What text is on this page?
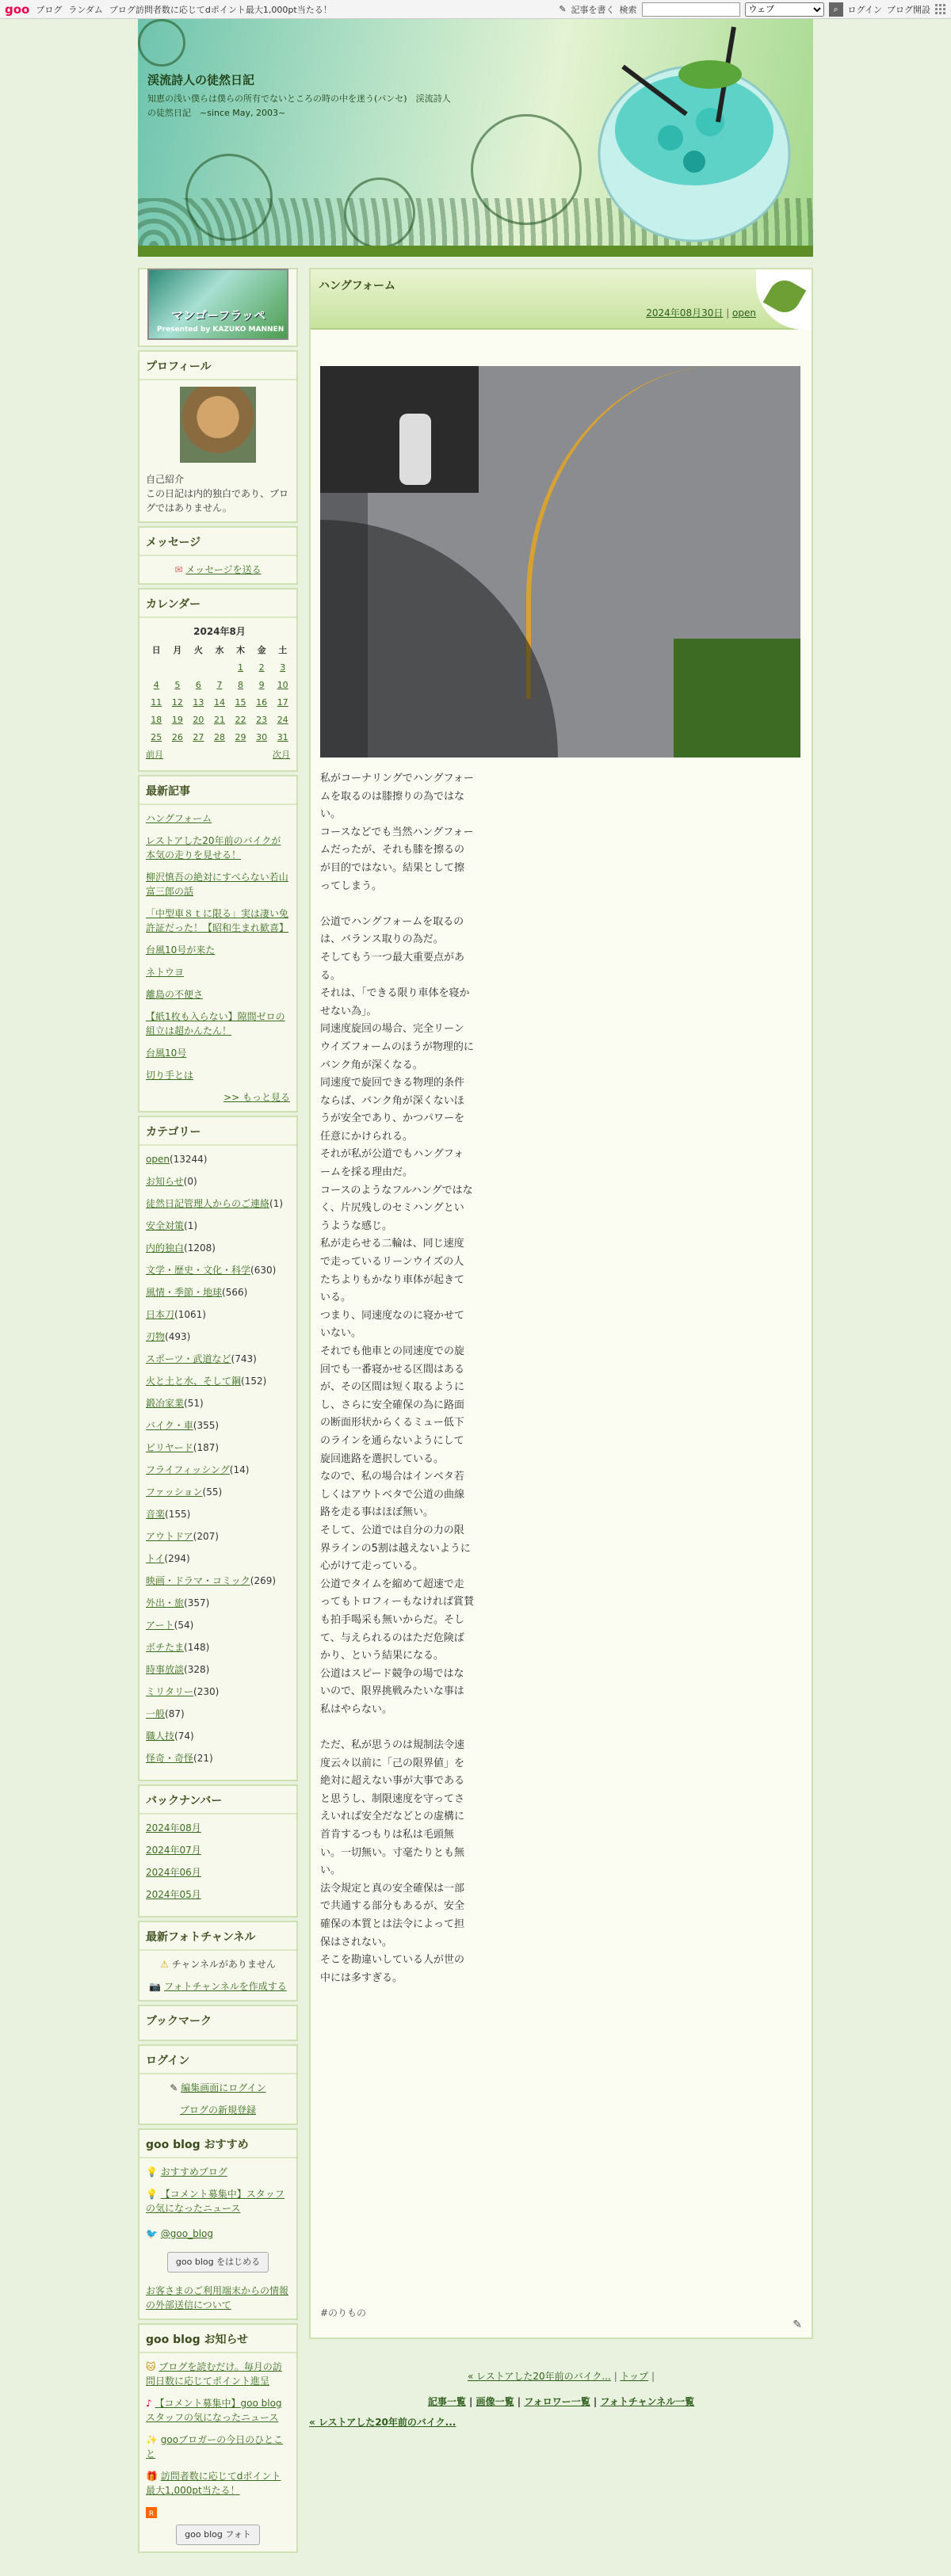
goo ブログ ランダム ブログ訪問者数に応じてdポイント最大1,000pt当たる！	✎ 記事を書く 検索
ウェブ	⌕ ログイン ブログ開設
渓流詩人の徒然日記
知恵の浅い僕らは僕らの所有でないところの時の中を迷う(パンセ)　渓流詩人の徒然日記　~since May, 2003~
マンゴーフラッペ
Presented by KAZUKO MANNEN
プロフィール
自己紹介
この日記は内的独白であり、ブログではありません。
メッセージ
✉ メッセージを送る
カレンダー
2024年8月
日	月	火	水	木	金	土
				1	2	3
4	5	6	7	8	9	10
11	12	13	14	15	16	17
18	19	20	21	22	23	24
25	26	27	28	29	30	31
前月	次月
最新記事
ハングフォーム
レストアした20年前のバイクが本気の走りを見せる！
柳沢慎吾の絶対にすべらない若山富三郎の話
「中型車８ｔに限る」実は凄い免許証だった！【昭和生まれ歓喜】
台風10号が来た
ネトウヨ
離島の不便さ
【紙1枚も入らない】隙間ゼロの組立は超かんたん！
台風10号
切り手とは
>> もっと見る
カテゴリー
open(13244)
お知らせ(0)
徒然日記管理人からのご連絡(1)
安全対策(1)
内的独白(1208)
文学・歴史・文化・科学(630)
風情・季節・地球(566)
日本刀(1061)
刃物(493)
スポーツ・武道など(743)
火と土と水、そして鋼(152)
鍛冶家業(51)
バイク・車(355)
ビリヤード(187)
フライフィッシング(14)
ファッション(55)
音楽(155)
アウトドア(207)
トイ(294)
映画・ドラマ・コミック(269)
外出・旅(357)
アート(54)
ボチたま(148)
時事放談(328)
ミリタリー(230)
一般(87)
職人技(74)
怪奇・奇怪(21)
バックナンバー
2024年08月
2024年07月
2024年06月
2024年05月
最新フォトチャンネル
⚠ チャンネルがありません
📷 フォトチャンネルを作成する
ブックマーク
ログイン
✎ 編集画面にログイン
ブログの新規登録
goo blog おすすめ
💡 おすすめブログ
💡 【コメント募集中】スタッフの気になったニュース
🐦 @goo_blog
goo blog をはじめる
お客さまのご利用端末からの情報の外部送信について
goo blog お知らせ
🐱 ブログを読むだけ。毎月の訪問日数に応じてポイント進呈
♪ 【コメント募集中】goo blogスタッフの気になったニュース
✨ gooブロガーの今日のひとこと
🎁 訪問者数に応じてdポイント最大1,000pt当たる！
R
goo blog フォト
ハングフォーム
2024年08月30日 | open

私がコーナリングでハングフォームを取るのは膝擦りの為ではない。

コースなどでも当然ハングフォームだったが、それも膝を擦るのが目的ではない。結果として擦ってしまう。

公道でハングフォームを取るのは、バランス取りの為だ。

そしてもう一つ最大重要点がある。

それは、「できる限り車体を寝かせない為」。

同速度旋回の場合、完全リーンウイズフォームのほうが物理的にバンク角が深くなる。

同速度で旋回できる物理的条件ならば、バンク角が深くないほうが安全であり、かつパワーを任意にかけられる。

それが私が公道でもハングフォームを採る理由だ。

コースのようなフルハングではなく、片尻残しのセミハングというような感じ。

私が走らせる二輪は、同じ速度で走っているリーンウイズの人たちよりもかなり車体が起きている。

つまり、同速度なのに寝かせていない。

それでも他車との同速度での旋回でも一番寝かせる区間はあるが、その区間は短く取るようにし、さらに安全確保の為に路面の断面形状からくるミュー低下のラインを通らないようにして旋回進路を選択している。

なので、私の場合はインベタ若しくはアウトベタで公道の曲線路を走る事はほぼ無い。

そして、公道では自分の力の限界ラインの5割は越えないように心がけて走っている。

公道でタイムを縮めて超速で走ってもトロフィーもなければ賞賛も拍手喝采も無いからだ。そして、与えられるのはただ危険ばかり、という結果になる。

公道はスピード競争の場ではないので、限界挑戦みたいな事は私はやらない。

ただ、私が思うのは規制法令速度云々以前に「己の限界値」を絶対に超えない事が大事であると思うし、制限速度を守ってさえいれば安全だなどとの虚構に首肯するつもりは私は毛頭無い。一切無い。寸毫たりとも無い。

法令規定と真の安全確保は一部で共通する部分もあるが、安全確保の本質とは法令によって担保はされない。

そこを勘違いしている人が世の中には多すぎる。

#のりもの
✎
« レストアした20年前のバイク... | トップ |
記事一覧 | 画像一覧 | フォロワー一覧 | フォトチャンネル一覧
« レストアした20年前のバイク...
